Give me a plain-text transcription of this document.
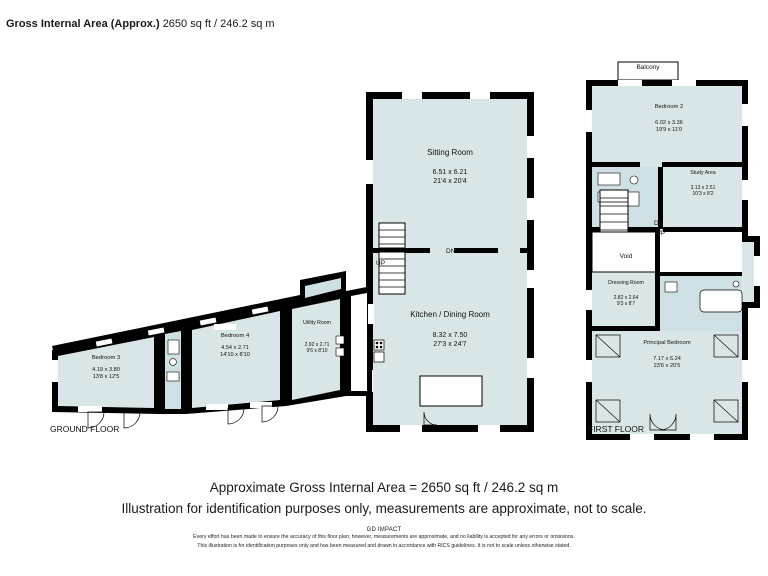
Gross Internal Area (Approx.) 2650 sq ft / 246.2 sq m
Sitting Room
6.51 x 6.21
21'4 x 20'4
Kitchen / Dining Room
8.32 x 7.50
27'3 x 24'7
Bedroom 4
4.54 x 2.71
14'10 x 8'10
Bedroom 3
4.19 x 3.80
13'8 x 12'5
Utility Room
2.92 x 2.71
9'6 x 8'10
UP
DN
Balcony
Bedroom 2
6.02 x 3.36
19'9 x 11'0
Study Area
3.13 x 2.51
10'3 x 8'2
DN
UP
Void
Dressing Room
2.82 x 2.64
9'3 x 8'7
Principal Bedroom
7.17 x 6.24
23'6 x 20'5
GROUND FLOOR	FIRST FLOOR
Approximate Gross Internal Area = 2650 sq ft / 246.2 sq m
Illustration for identification purposes only, measurements are approximate, not to scale.
GD IMPACT
Every effort has been made to ensure the accuracy of this floor plan; however, measurements are approximate, and no liability is accepted for any errors or omissions.
This illustration is for identification purposes only and has been measured and drawn in accordance with RICS guidelines. It is not to scale unless otherwise stated.
